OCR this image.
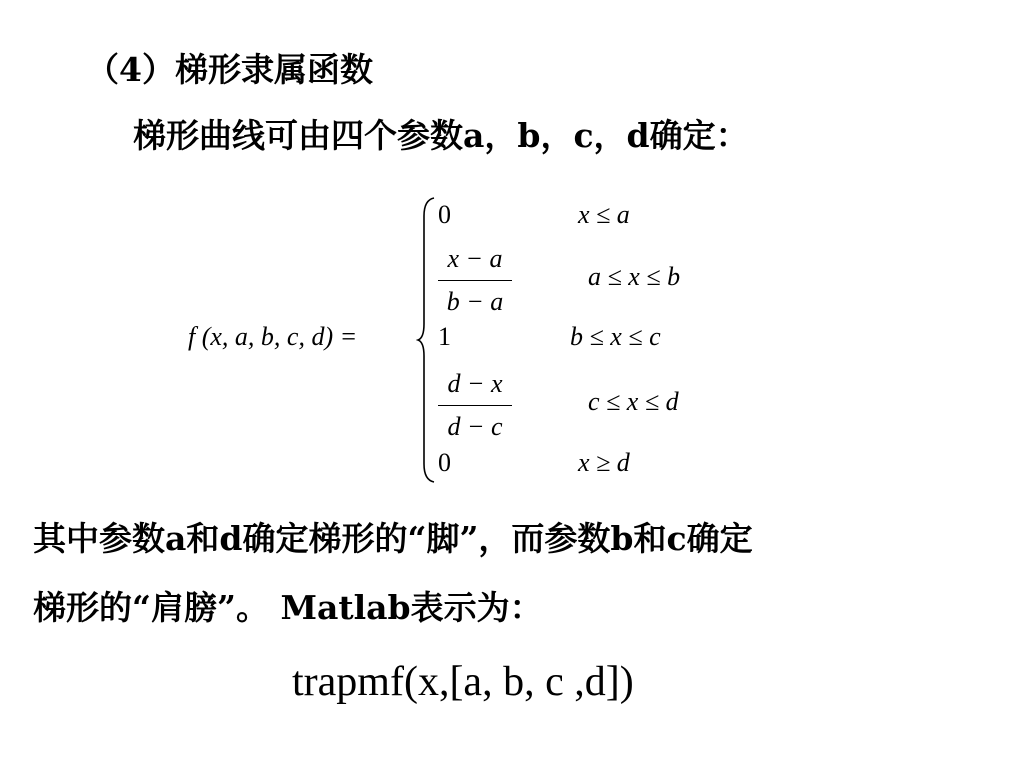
（4）梯形隶属函数
梯形曲线可由四个参数a，b，c，d确定：
f (x, a, b, c, d) =
0	x ≤ a
x − a
b − a
a ≤ x ≤ b
1	b ≤ x ≤ c
d − x
d − c
c ≤ x ≤ d
0	x ≥ d
其中参数a和d确定梯形的“脚”，而参数b和c确定
梯形的“肩膀”。 Matlab表示为：
trapmf(x,[a, b, c ,d])
